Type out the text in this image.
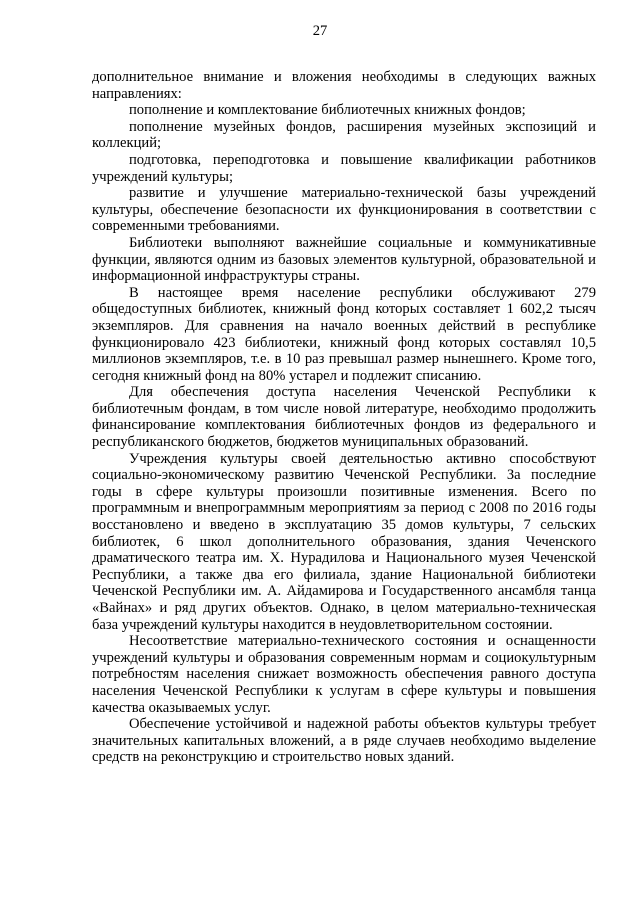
27

дополнительное внимание и вложения необходимы в следующих важных направлениях:

пополнение и комплектование библиотечных книжных фондов;

пополнение музейных фондов, расширения музейных экспозиций и коллекций;

подготовка, переподготовка и повышение квалификации работников учреждений культуры;

развитие и улучшение материально-технической базы учреждений культуры, обеспечение безопасности их функционирования в соответствии с современными требованиями.

Библиотеки выполняют важнейшие социальные и коммуникативные функции, являются одним из базовых элементов культурной, образовательной и информационной инфраструктуры страны.

В настоящее время население республики обслуживают 279 общедоступных библиотек, книжный фонд которых составляет 1 602,2 тысяч экземпляров. Для сравнения на начало военных действий в республике функционировало 423 библиотеки, книжный фонд которых составлял 10,5 миллионов экземпляров, т.е. в 10 раз превышал размер нынешнего. Кроме того, сегодня книжный фонд на 80% устарел и подлежит списанию.

Для обеспечения доступа населения Чеченской Республики к библиотечным фондам, в том числе новой литературе, необходимо продолжить финансирование комплектования библиотечных фондов из федерального и республиканского бюджетов, бюджетов муниципальных образований.

Учреждения культуры своей деятельностью активно способствуют социально-экономическому развитию Чеченской Республики. За последние годы в сфере культуры произошли позитивные изменения. Всего по программным и внепрограммным мероприятиям за период с 2008 по 2016 годы восстановлено и введено в эксплуатацию 35 домов культуры, 7 сельских библиотек, 6 школ дополнительного образования, здания Чеченского драматического театра им. Х. Нурадилова и Национального музея Чеченской Республики, а также два его филиала, здание Национальной библиотеки Чеченской Республики им. А. Айдамирова и Государственного ансамбля танца «Вайнах» и ряд других объектов. Однако, в целом материально-техническая база учреждений культуры находится в неудовлетворительном состоянии.

Несоответствие материально-технического состояния и оснащенности учреждений культуры и образования современным нормам и социокультурным потребностям населения снижает возможность обеспечения равного доступа населения Чеченской Республики к услугам в сфере культуры и повышения качества оказываемых услуг.

Обеспечение устойчивой и надежной работы объектов культуры требует значительных капитальных вложений, а в ряде случаев необходимо выделение средств на реконструкцию и строительство новых зданий.
